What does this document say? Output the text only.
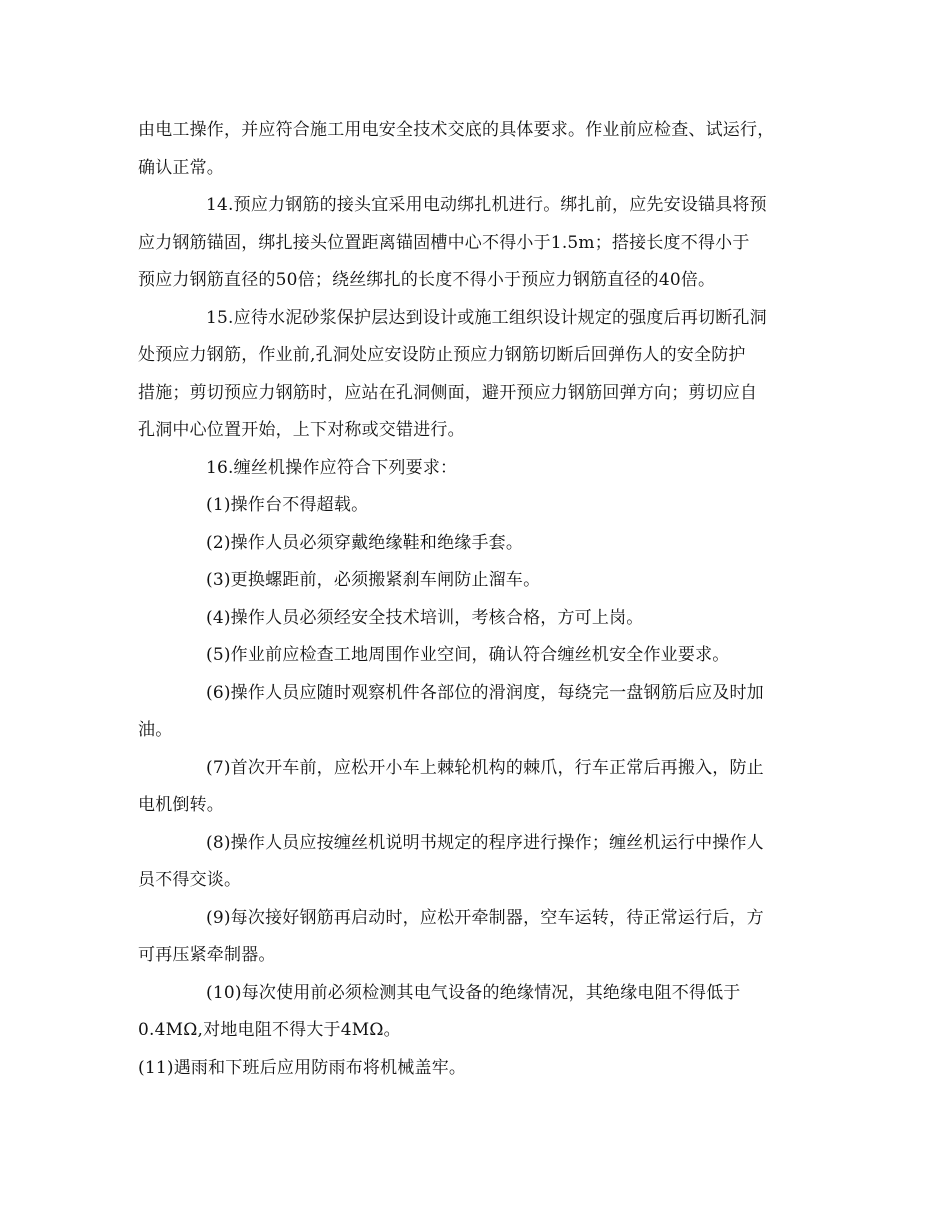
由电工操作，并应符合施工用电安全技术交底的具体要求。作业前应检查、试运行，
确认正常。
14.预应力钢筋的接头宜采用电动绑扎机进行。绑扎前，应先安设锚具将预
应力钢筋锚固，绑扎接头位置距离锚固槽中心不得小于1.5m；搭接长度不得小于
预应力钢筋直径的50倍；绕丝绑扎的长度不得小于预应力钢筋直径的40倍。
15.应待水泥砂浆保护层达到设计或施工组织设计规定的强度后再切断孔洞
处预应力钢筋，作业前,孔洞处应安设防止预应力钢筋切断后回弹伤人的安全防护
措施；剪切预应力钢筋时，应站在孔洞侧面，避开预应力钢筋回弹方向；剪切应自
孔洞中心位置开始，上下对称或交错进行。
16.缠丝机操作应符合下列要求：
(1)操作台不得超载。
(2)操作人员必须穿戴绝缘鞋和绝缘手套。
(3)更换螺距前，必须搬紧刹车闸防止溜车。
(4)操作人员必须经安全技术培训，考核合格，方可上岗。
(5)作业前应检查工地周围作业空间，确认符合缠丝机安全作业要求。
(6)操作人员应随时观察机件各部位的滑润度，每绕完一盘钢筋后应及时加
油。
(7)首次开车前，应松开小车上棘轮机构的棘爪，行车正常后再搬入，防止
电机倒转。
(8)操作人员应按缠丝机说明书规定的程序进行操作；缠丝机运行中操作人
员不得交谈。
(9)每次接好钢筋再启动时，应松开牵制器，空车运转，待正常运行后，方
可再压紧牵制器。
(10)每次使用前必须检测其电气设备的绝缘情况，其绝缘电阻不得低于
0.4MΩ,对地电阻不得大于4MΩ。
(11)遇雨和下班后应用防雨布将机械盖牢。
